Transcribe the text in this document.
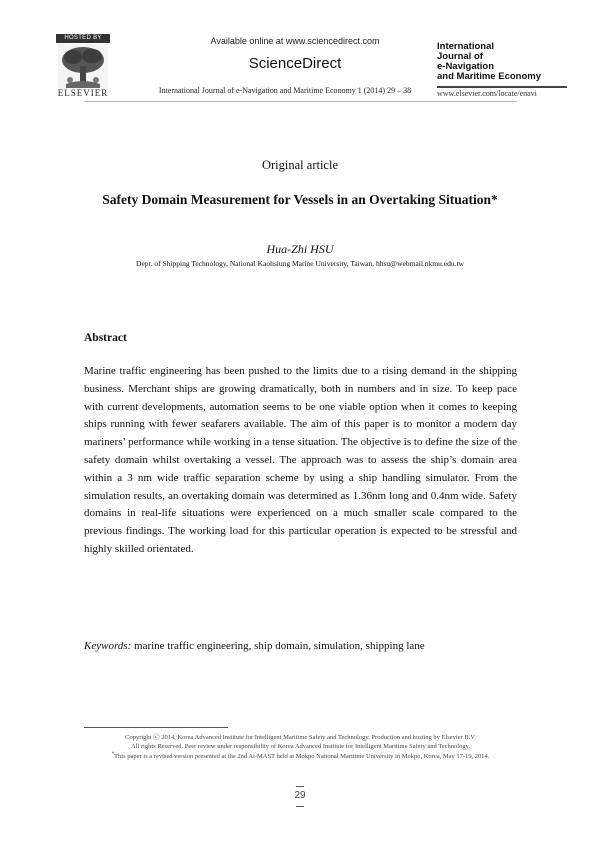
HOSTED BY
ELSEVIER
Available online at www.sciencedirect.com
ScienceDirect
International Journal of e-Navigation and Maritime Economy 1 (2014) 29 – 38
International
Journal of
e-Navigation
and Maritime Economy
www.elsevier.com/locate/enavi
Original article
Safety Domain Measurement for Vessels in an Overtaking Situation*
Hua-Zhi HSU
Dept. of Shipping Technology, National Kaohsiung Marine University, Taiwan, hhsu@webmail.nkmu.edu.tw
Abstract
Marine traffic engineering has been pushed to the limits due to a rising demand in the shipping business. Merchant ships are growing dramatically, both in numbers and in size. To keep pace with current developments, automation seems to be one viable option when it comes to keeping ships running with fewer seafarers available. The aim of this paper is to monitor a modern day mariners’ performance while working in a tense situation. The objective is to define the size of the safety domain whilst overtaking a vessel. The approach was to assess the ship’s domain area within a 3 nm wide traffic separation scheme by using a ship handling simulator. From the simulation results, an overtaking domain was determined as 1.36nm long and 0.4nm wide. Safety domains in real-life situations were experienced on a much smaller scale compared to the previous findings. The working load for this particular operation is expected to be stressful and highly skilled orientated.
Keywords: marine traffic engineering, ship domain, simulation, shipping lane
Copyright ⓒ 2014, Korea Advanced Institute for Intelligent Maritime Safety and Technology. Production and hosting by Elsevier B.V.
All rights Reserved. Peer review under responsibility of Korea Advanced Institute for Intelligent Maritime Safety and Technology.
*This paper is a revised version presented at the 2nd Ai-MAST held at Mokpo National Maritime University in Mokpo, Korea, May 17-19, 2014.
29
